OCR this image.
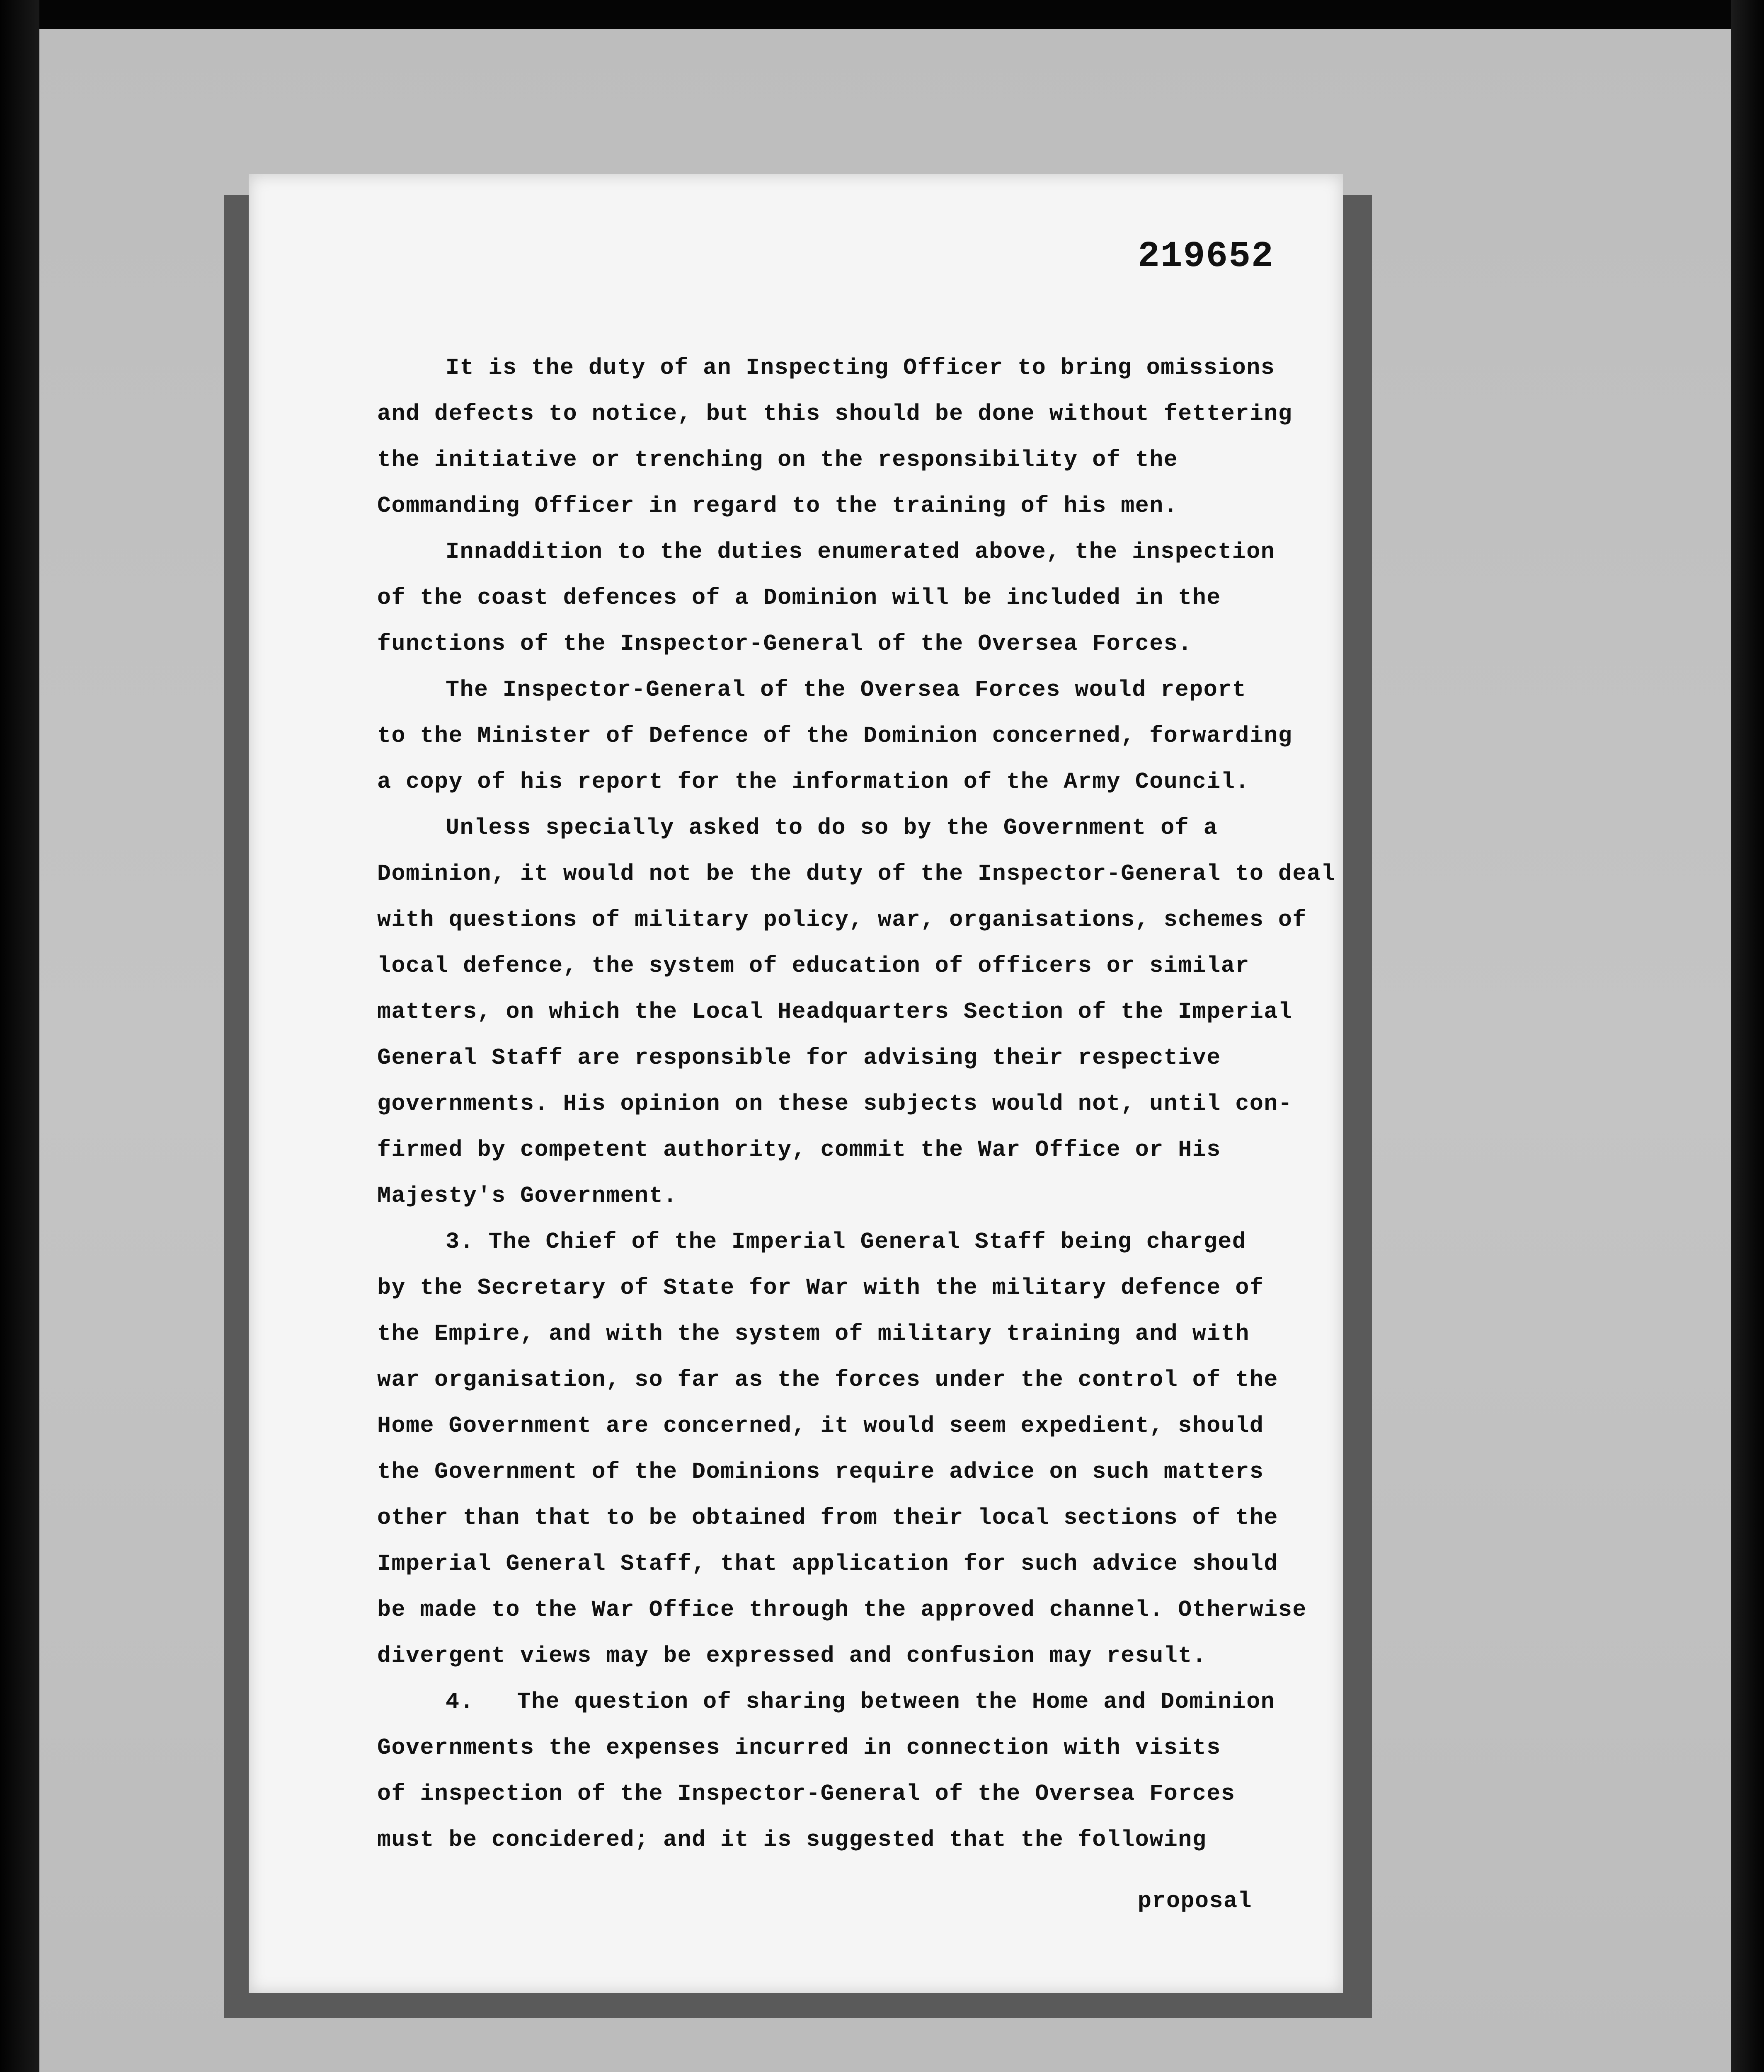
219652
It is the duty of an Inspecting Officer to bring omissions
and defects to notice, but this should be done without fettering
the initiative or trenching on the responsibility of the
Commanding Officer in regard to the training of his men.
Innaddition to the duties enumerated above, the inspection
of the coast defences of a Dominion will be included in the
functions of the Inspector-General of the Oversea Forces.
The Inspector-General of the Oversea Forces would report
to the Minister of Defence of the Dominion concerned, forwarding
a copy of his report for the information of the Army Council.
Unless specially asked to do so by the Government of a
Dominion, it would not be the duty of the Inspector-General to deal
with questions of military policy, war, organisations, schemes of
local defence, the system of education of officers or similar
matters, on which the Local Headquarters Section of the Imperial
General Staff are responsible for advising their respective
governments. His opinion on these subjects would not, until con-
firmed by competent authority, commit the War Office or His
Majesty's Government.
3. The Chief of the Imperial General Staff being charged
by the Secretary of State for War with the military defence of
the Empire, and with the system of military training and with
war organisation, so far as the forces under the control of the
Home Government are concerned, it would seem expedient, should
the Government of the Dominions require advice on such matters
other than that to be obtained from their local sections of the
Imperial General Staff, that application for such advice should
be made to the War Office through the approved channel. Otherwise
divergent views may be expressed and confusion may result.
4.   The question of sharing between the Home and Dominion
Governments the expenses incurred in connection with visits
of inspection of the Inspector-General of the Oversea Forces
must be concidered; and it is suggested that the following
proposal
